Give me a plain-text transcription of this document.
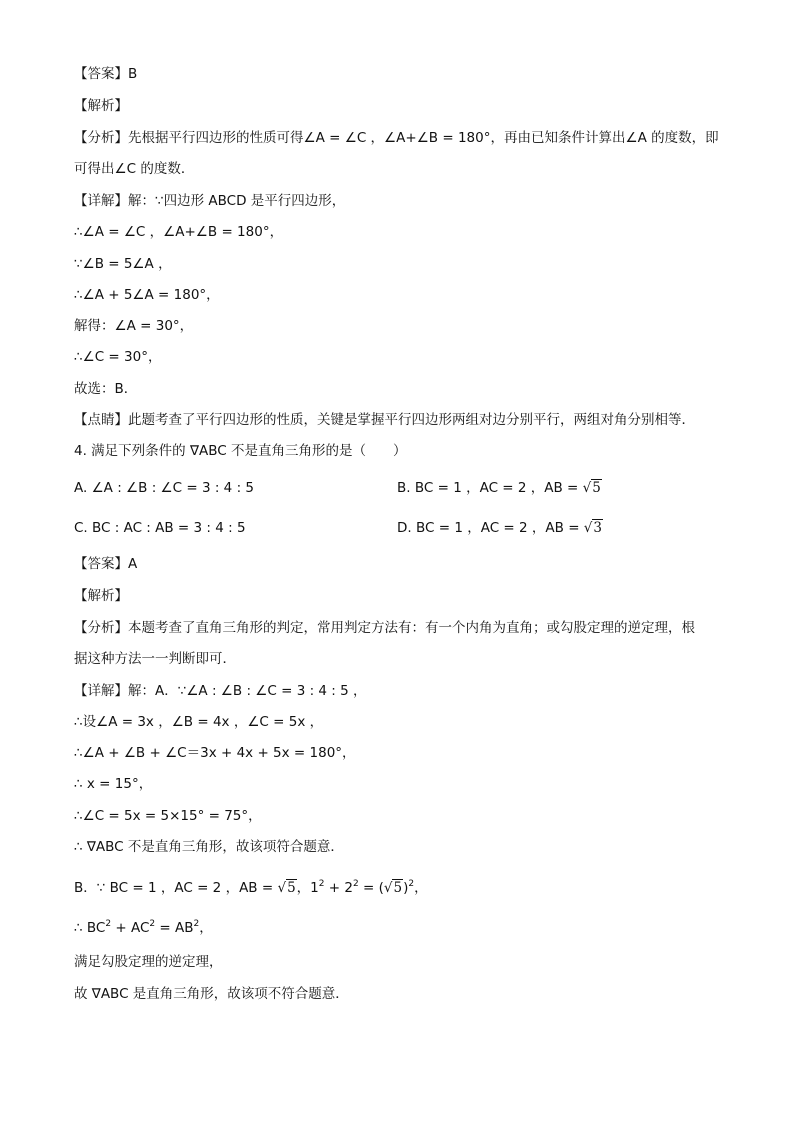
【答案】B
【解析】
【分析】先根据平行四边形的性质可得∠A = ∠C ，∠A+∠B = 180°，再由已知条件计算出∠A 的度数，即
可得出∠C 的度数．
【详解】解：∵四边形 ABCD 是平行四边形，
∴∠A = ∠C ，∠A+∠B = 180°，
∵∠B = 5∠A ，
∴∠A + 5∠A = 180°，
解得：∠A = 30°，
∴∠C = 30°，
故选：B．
【点睛】此题考查了平行四边形的性质，关键是掌握平行四边形两组对边分别平行，两组对角分别相等．
4. 满足下列条件的 ∇ABC 不是直角三角形的是（　　）
A. ∠A : ∠B : ∠C = 3 : 4 : 5	B. BC = 1 ，AC = 2 ，AB = √5
C. BC : AC : AB = 3 : 4 : 5	D. BC = 1 ，AC = 2 ，AB = √3
【答案】A
【解析】
【分析】本题考查了直角三角形的判定，常用判定方法有：有一个内角为直角；或勾股定理的逆定理，根
据这种方法一一判断即可．
【详解】解：A．∵∠A : ∠B : ∠C = 3 : 4 : 5 ，
∴设∠A = 3x ，∠B = 4x ，∠C = 5x ，
∴∠A + ∠B + ∠C＝3x + 4x + 5x = 180°，
∴ x = 15°，
∴∠C = 5x = 5×15° = 75°，
∴ ∇ABC 不是直角三角形，故该项符合题意．
B．∵ BC = 1 ，AC = 2 ，AB = √5，$1^2 + 2^2 = (√5)^2$，
∴ $BC^2 + AC^2 = AB^2$，
满足勾股定理的逆定理，
故 ∇ABC 是直角三角形，故该项不符合题意．
